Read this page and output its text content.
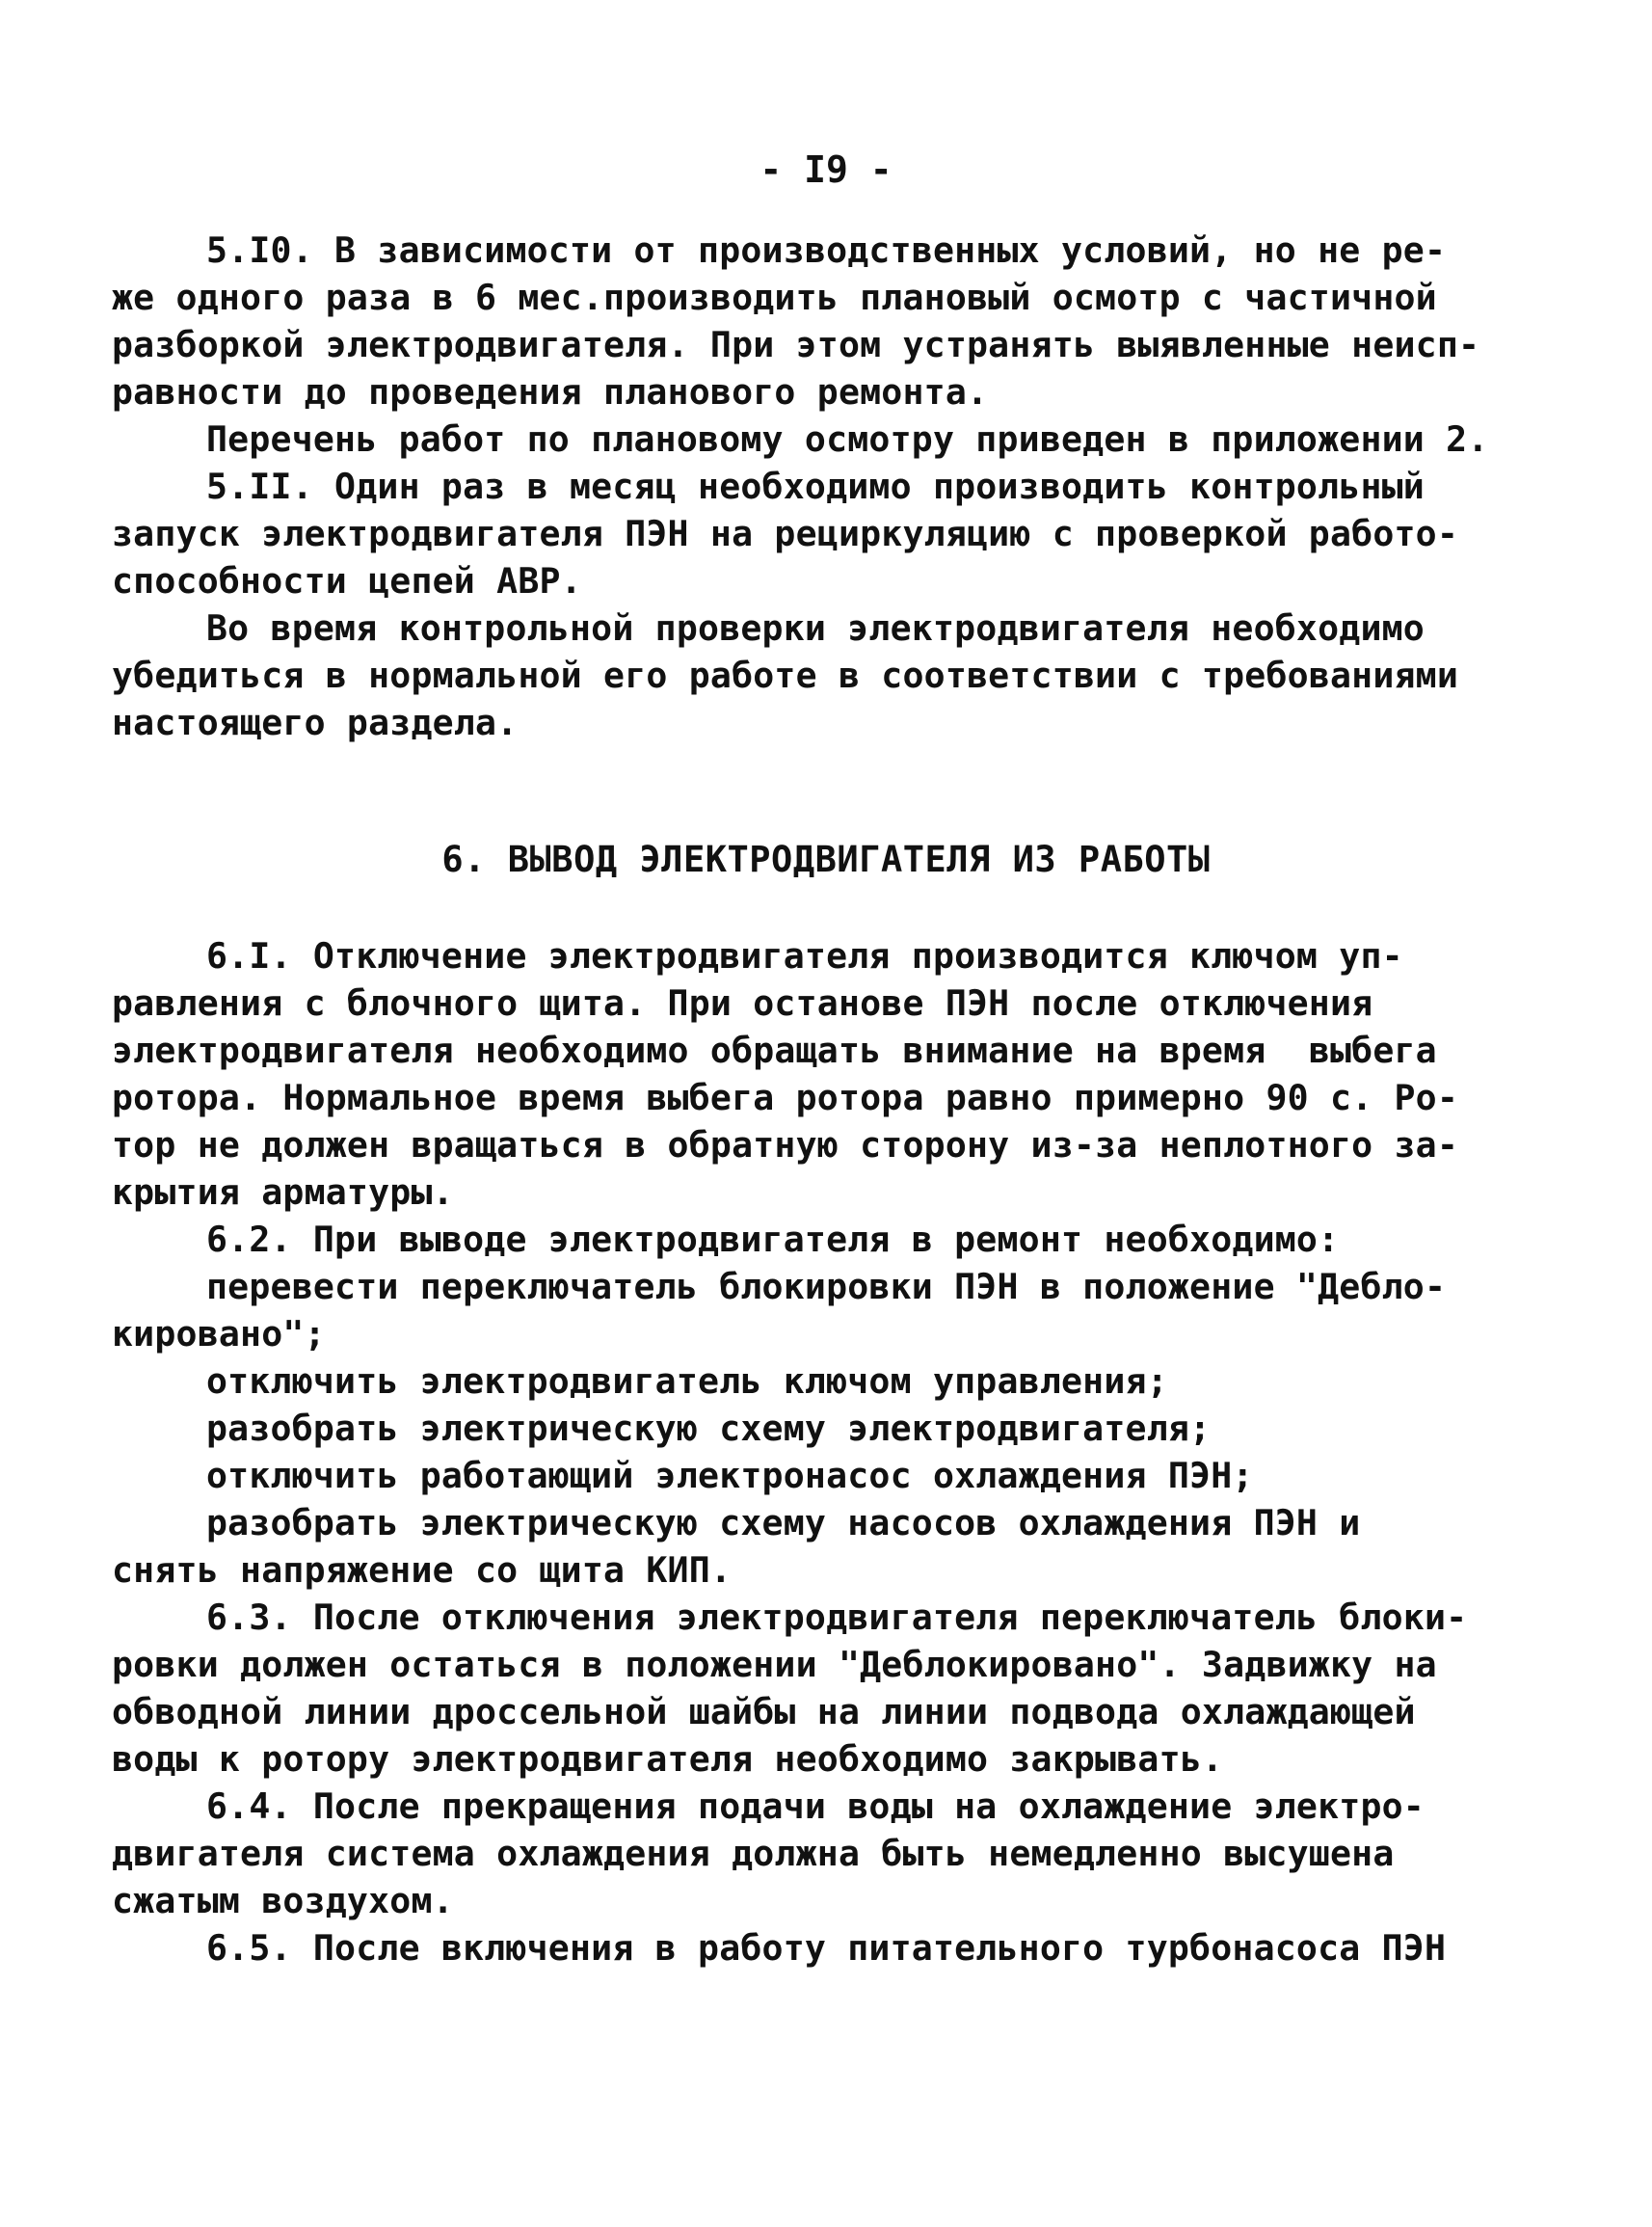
- I9 -
5.I0. В зависимости от производственных условий, но не ре-
же одного раза в 6 мес.производить плановый осмотр с частичной
разборкой электродвигателя. При этом устранять выявленные неисп-
равности до проведения планового ремонта.
Перечень работ по плановому осмотру приведен в приложении 2.
5.II. Один раз в месяц необходимо производить контрольный
запуск электродвигателя ПЭН на рециркуляцию с проверкой работо-
способности цепей АВР.
Во время контрольной проверки электродвигателя необходимо
убедиться в нормальной его работе в соответствии с требованиями
настоящего раздела.
6. ВЫВОД ЭЛЕКТРОДВИГАТЕЛЯ ИЗ РАБОТЫ
6.I. Отключение электродвигателя производится ключом уп-
равления с блочного щита. При останове ПЭН после отключения
электродвигателя необходимо обращать внимание на время  выбега
ротора. Нормальное время выбега ротора равно примерно 90 с. Ро-
тор не должен вращаться в обратную сторону из-за неплотного за-
крытия арматуры.
6.2. При выводе электродвигателя в ремонт необходимо:
перевести переключатель блокировки ПЭН в положение "Дебло-
кировано";
отключить электродвигатель ключом управления;
разобрать электрическую схему электродвигателя;
отключить работающий электронасос охлаждения ПЭН;
разобрать электрическую схему насосов охлаждения ПЭН и
снять напряжение со щита КИП.
6.3. После отключения электродвигателя переключатель блоки-
ровки должен остаться в положении "Деблокировано". Задвижку на
обводной линии дроссельной шайбы на линии подвода охлаждающей
воды к ротору электродвигателя необходимо закрывать.
6.4. После прекращения подачи воды на охлаждение электро-
двигателя система охлаждения должна быть немедленно высушена
сжатым воздухом.
6.5. После включения в работу питательного турбонасоса ПЭН
